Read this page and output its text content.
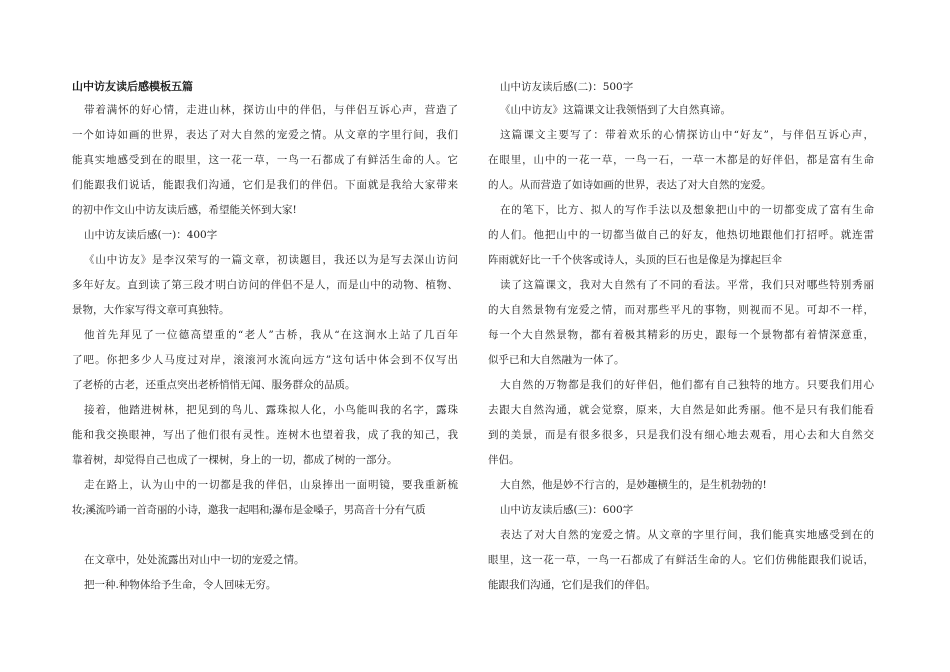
山中访友读后感模板五篇
带着满怀的好心情，走进山林，探访山中的伴侣，与伴侣互诉心声，营造了
一个如诗如画的世界，表达了对大自然的宠爱之情。从文章的字里行间，我们
能真实地感受到在的眼里，这一花一草，一鸟一石都成了有鲜活生命的人。它
们能跟我们说话，能跟我们沟通，它们是我们的伴侣。下面就是我给大家带来
的初中作文山中访友读后感，希望能关怀到大家!
山中访友读后感(一)：400字
《山中访友》是李汉荣写的一篇文章，初读题目，我还以为是写去深山访问
多年好友。直到读了第三段才明白访问的伴侣不是人，而是山中的动物、植物、
景物，大作家写得文章可真独特。
他首先拜见了一位德高望重的“老人”古桥，我从“在这涧水上站了几百年
了吧。你把多少人马度过对岸，滚滚河水流向远方”这句话中体会到不仅写出
了老桥的古老，还重点突出老桥悄悄无闻、服务群众的品质。
接着，他踏进树林，把见到的鸟儿、露珠拟人化，小鸟能叫我的名字，露珠
能和我交换眼神，写出了他们很有灵性。连树木也望着我，成了我的知己，我
靠着树，却觉得自己也成了一棵树，身上的一切，都成了树的一部分。
走在路上，认为山中的一切都是我的伴侣，山泉捧出一面明镜，要我重新梳
妆;溪流吟诵一首奇丽的小诗，邀我一起唱和;瀑布是金嗓子，男高音十分有气质
在文章中，处处流露出对山中一切的宠爱之情。
把一种.种物体给予生命，令人回味无穷。
山中访友读后感(二)：500字
《山中访友》这篇课文让我领悟到了大自然真谛。
这篇课文主要写了：带着欢乐的心情探访山中“好友”，与伴侣互诉心声，
在眼里，山中的一花一草，一鸟一石，一草一木都是的好伴侣，都是富有生命
的人。从而营造了如诗如画的世界，表达了对大自然的宠爱。
在的笔下，比方、拟人的写作手法以及想象把山中的一切都变成了富有生命
的人们。他把山中的一切都当做自己的好友，他热切地跟他们打招呼。就连雷
阵雨就好比一千个侠客或诗人，头顶的巨石也是像是为撑起巨伞
读了这篇课文，我对大自然有了不同的看法。平常，我们只对哪些特别秀丽
的大自然景物有宠爱之情，而对那些平凡的事物，则视而不见。可却不一样，
每一个大自然景物，都有着极其精彩的历史，跟每一个景物都有着情深意重，
似乎已和大自然融为一体了。
大自然的万物都是我们的好伴侣，他们都有自己独特的地方。只要我们用心
去跟大自然沟通，就会觉察，原来，大自然是如此秀丽。他不是只有我们能看
到的美景，而是有很多很多，只是我们没有细心地去观看，用心去和大自然交
伴侣。
大自然，他是妙不行言的，是妙趣横生的，是生机勃勃的!
山中访友读后感(三)：600字
表达了对大自然的宠爱之情。从文章的字里行间，我们能真实地感受到在的
眼里，这一花一草，一鸟一石都成了有鲜活生命的人。它们仿佛能跟我们说话，
能跟我们沟通，它们是我们的伴侣。
